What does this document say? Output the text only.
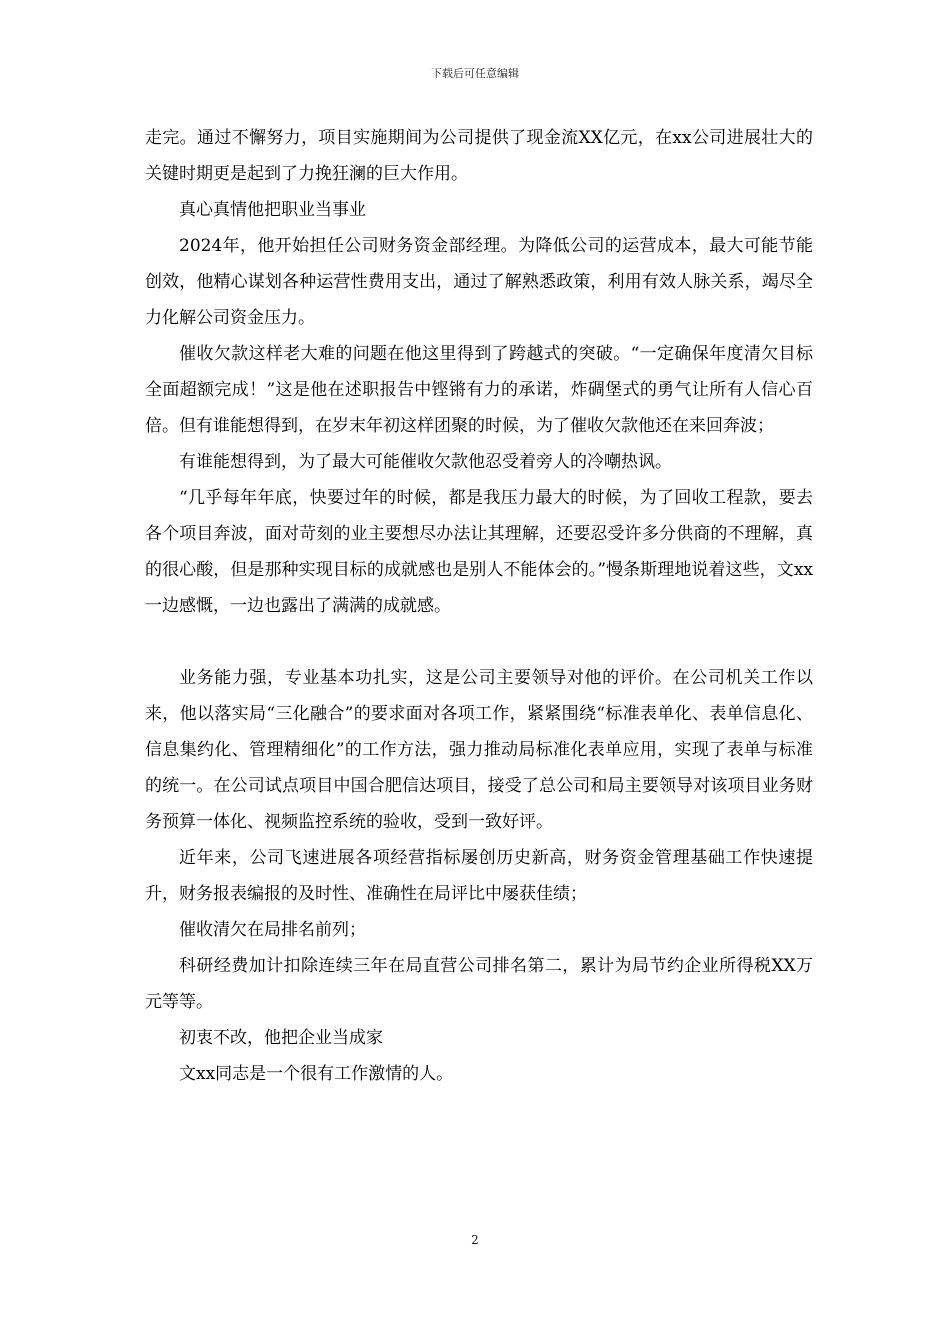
下载后可任意编辑

走完。通过不懈努力，项目实施期间为公司提供了现金流XX亿元，在xx公司进展壮大的关键时期更是起到了力挽狂澜的巨大作用。

真心真情他把职业当事业

2024年，他开始担任公司财务资金部经理。为降低公司的运营成本，最大可能节能创效，他精心谋划各种运营性费用支出，通过了解熟悉政策，利用有效人脉关系，竭尽全力化解公司资金压力。

催收欠款这样老大难的问题在他这里得到了跨越式的突破。“一定确保年度清欠目标全面超额完成！”这是他在述职报告中铿锵有力的承诺，炸碉堡式的勇气让所有人信心百倍。但有谁能想得到，在岁末年初这样团聚的时候，为了催收欠款他还在来回奔波；

有谁能想得到，为了最大可能催收欠款他忍受着旁人的冷嘲热讽。

“几乎每年年底，快要过年的时候，都是我压力最大的时候，为了回收工程款，要去各个项目奔波，面对苛刻的业主要想尽办法让其理解，还要忍受许多分供商的不理解，真的很心酸，但是那种实现目标的成就感也是别人不能体会的。”慢条斯理地说着这些，文xx一边感慨，一边也露出了满满的成就感。

业务能力强，专业基本功扎实，这是公司主要领导对他的评价。在公司机关工作以来，他以落实局“三化融合”的要求面对各项工作，紧紧围绕“标准表单化、表单信息化、信息集约化、管理精细化”的工作方法，强力推动局标准化表单应用，实现了表单与标准的统一。在公司试点项目中国合肥信达项目，接受了总公司和局主要领导对该项目业务财务预算一体化、视频监控系统的验收，受到一致好评。

近年来，公司飞速进展各项经营指标屡创历史新高，财务资金管理基础工作快速提升，财务报表编报的及时性、准确性在局评比中屡获佳绩；

催收清欠在局排名前列；

科研经费加计扣除连续三年在局直营公司排名第二，累计为局节约企业所得税XX万元等等。

初衷不改，他把企业当成家

文xx同志是一个很有工作激情的人。

2
